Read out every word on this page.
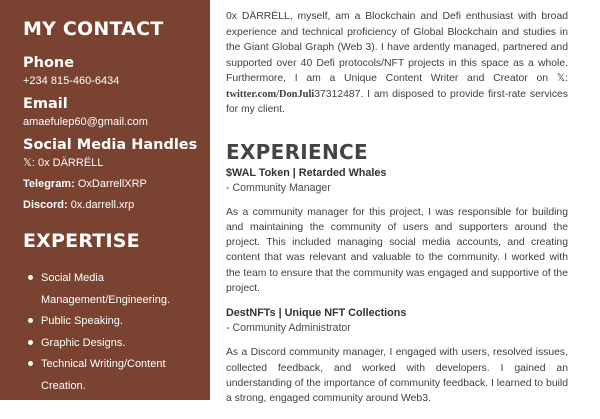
MY CONTACT
Phone
+234 815-460-6434
Email
amaefulep60@gmail.com
Social Media Handles
𝕏: 0x DÄRRËLL
Telegram: OxDarrellXRP
Discord: 0x.darrell.xrp
EXPERTISE
Social Media
Management/Engineering.
Public Speaking.
Graphic Designs.
Technical Writing/Content
Creation.
Project Management

0x DÄRRËLL, myself, am a Blockchain and Defi enthusiast with broad experience and technical proficiency of Global Blockchain and studies in the Giant Global Graph (Web 3). I have ardently managed, partnered and supported over 40 Defi protocols/NFT projects in this space as a whole. Furthermore, I am a Unique Content Writer and Creator on 𝕏: twitter.com/DonJuli37312487. I am disposed to provide first-rate services for my client.

EXPERIENCE

$WAL Token | Retarded Whales

- Community Manager

As a community manager for this project, I was responsible for building and maintaining the community of users and supporters around the project. This included managing social media accounts, and creating content that was relevant and valuable to the community. I worked with the team to ensure that the community was engaged and supportive of the project.

DestNFTs | Unique NFT Collections

- Community Administrator

As a Discord community manager, I engaged with users, resolved issues, collected feedback, and worked with developers. I gained an understanding of the importance of community feedback. I learned to build a strong, engaged community around Web3.
